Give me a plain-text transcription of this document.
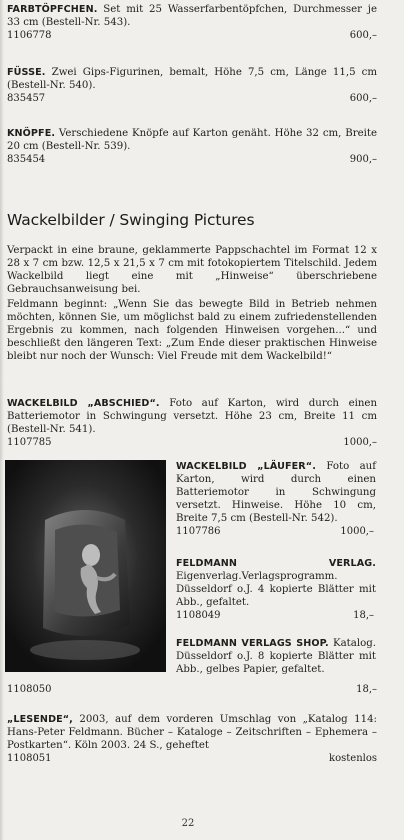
FARBTÖPFCHEN. Set mit 25 Wasserfarbentöpfchen, Durchmesser je 33 cm (Bestell-Nr. 543).

1106778	600,–

FÜSSE. Zwei Gips-Figurinen, bemalt, Höhe 7,5 cm, Länge 11,5 cm (Bestell-Nr. 540).

835457	600,–

KNÖPFE. Verschiedene Knöpfe auf Karton genäht. Höhe 32 cm, Breite 20 cm (Bestell-Nr. 539).

835454	900,–
Wackelbilder / Swinging Pictures

Verpackt in eine braune, geklammerte Pappschachtel im Format 12 x 28 x 7 cm bzw. 12,5 x 21,5 x 7 cm mit fotokopiertem Titelschild. Jedem Wackelbild liegt eine mit „Hinweise“ überschriebene Gebrauchsanweisung bei.

Feldmann beginnt: „Wenn Sie das bewegte Bild in Betrieb nehmen möchten, können Sie, um möglichst bald zu einem zufriedenstellenden Ergebnis zu kommen, nach folgenden Hinweisen vorgehen...“ und beschließt den längeren Text: „Zum Ende dieser praktischen Hinweise bleibt nur noch der Wunsch: Viel Freude mit dem Wackelbild!“

WACKELBILD „ABSCHIED“. Foto auf Karton, wird durch einen Batteriemotor in Schwingung versetzt. Höhe 23 cm, Breite 11 cm (Bestell-Nr. 541).

1107785	1000,–

WACKELBILD „LÄUFER“. Foto auf Karton, wird durch einen Batteriemotor in Schwingung versetzt. Hinweise. Höhe 10 cm, Breite 7,5 cm (Bestell-Nr. 542).

1107786	1000,–

FELDMANN VERLAG. Eigenverlag.Verlagsprogramm. Düsseldorf o.J. 4 kopierte Blätter mit Abb., gefaltet.

1108049	18,–

FELDMANN VERLAGS SHOP. Katalog. Düsseldorf o.J. 8 kopierte Blätter mit Abb., gelbes Papier, gefaltet.

1108050	18,–

„LESENDE“, 2003, auf dem vorderen Umschlag von „Katalog 114: Hans-Peter Feldmann. Bücher – Kataloge – Zeitschriften – Ephemera – Postkarten“. Köln 2003. 24 S., geheftet

1108051	kostenlos
22
